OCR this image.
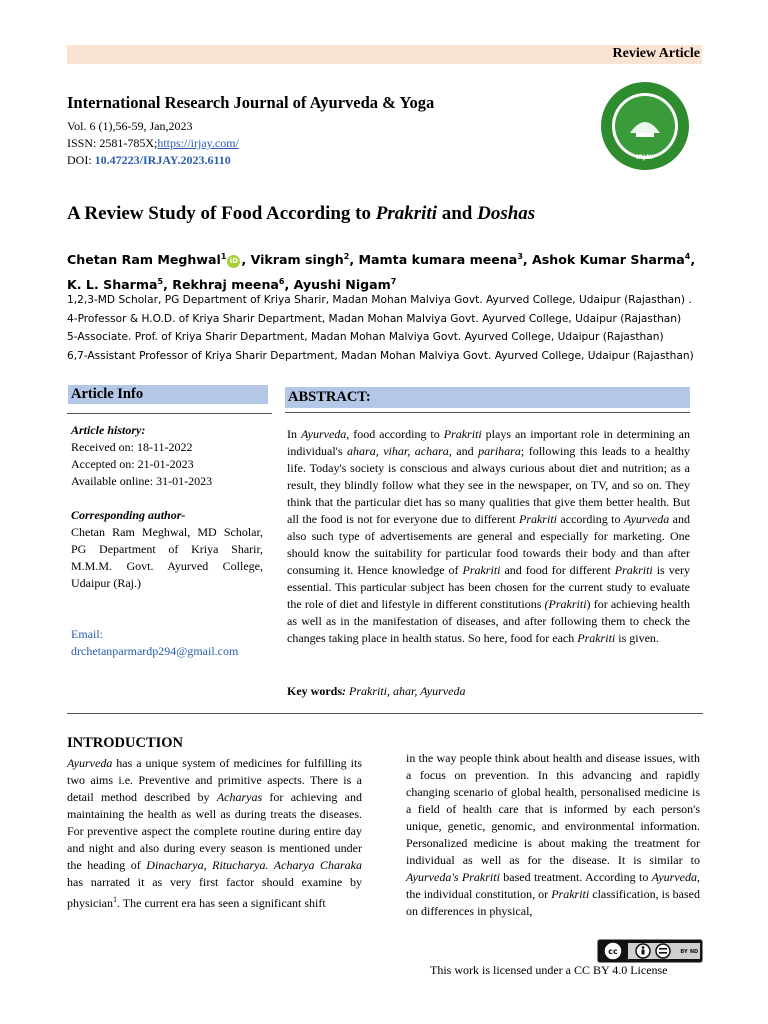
Review Article
International Research Journal of Ayurveda & Yoga
Vol. 6 (1),56-59, Jan,2023
ISSN: 2581-785X;https://irjay.com/
DOI: 10.47223/IRJAY.2023.6110	IRJAY
A Review Study of Food According to Prakriti and Doshas
Chetan Ram Meghwal$^1$iD , Vikram singh$^2$, Mamta kumara meena$^3$, Ashok Kumar Sharma$^4$,
K. L. Sharma$^5$, Rekhraj meena$^6$, Ayushi Nigam$^7$
1,2,3-MD Scholar, PG Department of Kriya Sharir, Madan Mohan Malviya Govt. Ayurved College, Udaipur (Rajasthan) .
4-Professor & H.O.D. of Kriya Sharir Department, Madan Mohan Malviya Govt. Ayurved College, Udaipur (Rajasthan)
5-Associate. Prof. of Kriya Sharir Department, Madan Mohan Malviya Govt. Ayurved College, Udaipur (Rajasthan)
6,7-Assistant Professor of Kriya Sharir Department, Madan Mohan Malviya Govt. Ayurved College, Udaipur (Rajasthan)
Article Info

Article history:

Received on: 18-11-2022

Accepted on: 21-01-2023

Available online: 31-01-2023

Corresponding author-

Chetan Ram Meghwal, MD Scholar, PG Department of Kriya Sharir, M.M.M. Govt. Ayurved College, Udaipur (Raj.)

Email:

drchetanparmardp294@gmail.com

ABSTRACT:
In Ayurveda, food according to Prakriti plays an important role in determining an individual's ahara, vihar, achara, and parihara; following this leads to a healthy life. Today's society is conscious and always curious about diet and nutrition; as a result, they blindly follow what they see in the newspaper, on TV, and so on. They think that the particular diet has so many qualities that give them better health. But all the food is not for everyone due to different Prakriti according to Ayurveda and also such type of advertisements are general and especially for marketing. One should know the suitability for particular food towards their body and than after consuming it. Hence knowledge of Prakriti and food for different Prakriti is very essential. This particular subject has been chosen for the current study to evaluate the role of diet and lifestyle in different constitutions (Prakriti) for achieving health as well as in the manifestation of diseases, and after following them to check the changes taking place in health status. So here, food for each Prakriti is given.
Key words: Prakriti, ahar, Ayurveda
INTRODUCTION
Ayurveda has a unique system of medicines for fulfilling its two aims i.e. Preventive and primitive aspects. There is a detail method described by Acharyas for achieving and maintaining the health as well as during treats the diseases. For preventive aspect the complete routine during entire day and night and also during every season is mentioned under the heading of Dinacharya, Ritucharya. Acharya Charaka has narrated it as very first factor should examine by physician$^1$. The current era has seen a significant shift
in the way people think about health and disease issues, with a focus on prevention. In this advancing and rapidly changing scenario of global health, personalised medicine is a field of health care that is informed by each person's unique, genetic, genomic, and environmental information. Personalized medicine is about making the treatment for individual as well as for the disease. It is similar to Ayurveda's Prakriti based treatment. According to Ayurveda, the individual constitution, or Prakriti classification, is based on differences in physical,
cc	BY ND
This work is licensed under a CC BY 4.0 License
